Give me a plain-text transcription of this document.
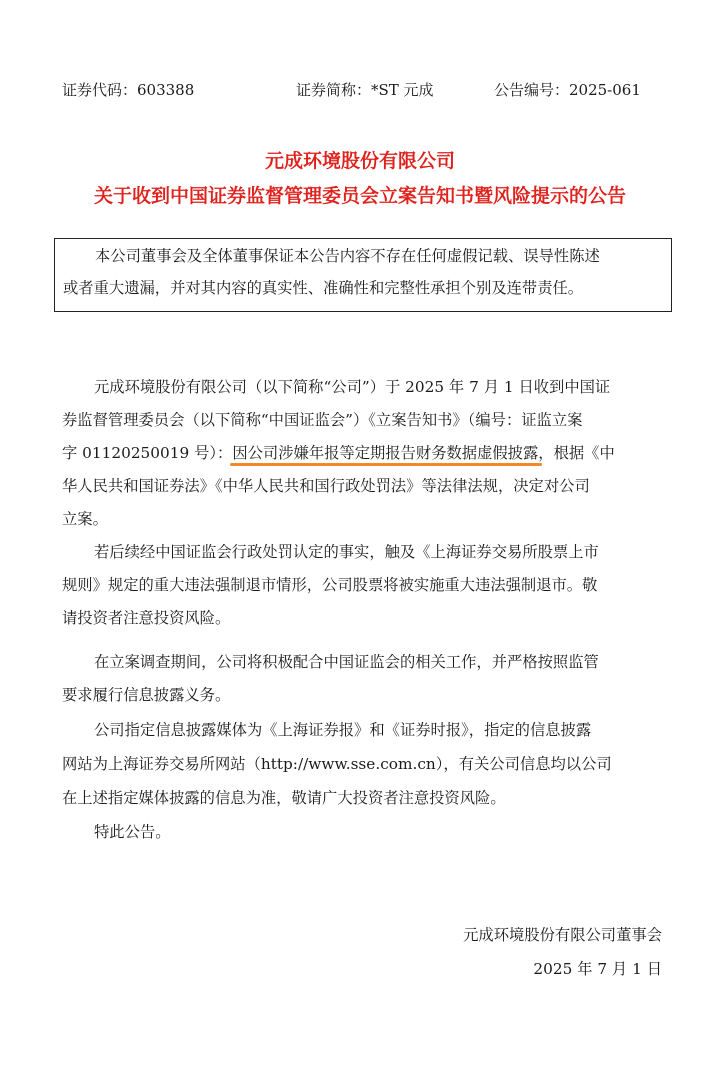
证券代码：603388	证券简称：*ST 元成	公告编号：2025-061
元成环境股份有限公司
关于收到中国证券监督管理委员会立案告知书暨风险提示的公告
本公司董事会及全体董事保证本公告内容不存在任何虚假记载、误导性陈述
或者重大遗漏，并对其内容的真实性、准确性和完整性承担个别及连带责任。
元成环境股份有限公司（以下简称“公司”）于 2025 年 7 月 1 日收到中国证
券监督管理委员会（以下简称“中国证监会”）《立案告知书》（编号：证监立案
字 01120250019 号）：因公司涉嫌年报等定期报告财务数据虚假披露
，根据《中
华人民共和国证券法》《中华人民共和国行政处罚法》等法律法规，决定对公司
立案。
若后续经中国证监会行政处罚认定的事实，触及《上海证券交易所股票上市
规则》规定的重大违法强制退市情形，公司股票将被实施重大违法强制退市。敬
请投资者注意投资风险。
在立案调查期间，公司将积极配合中国证监会的相关工作，并严格按照监管
要求履行信息披露义务。
公司指定信息披露媒体为《上海证券报》和《证券时报》，指定的信息披露
网站为上海证券交易所网站（http://www.sse.com.cn），有关公司信息均以公司
在上述指定媒体披露的信息为准，敬请广大投资者注意投资风险。
特此公告。
元成环境股份有限公司董事会
2025 年 7 月 1 日
